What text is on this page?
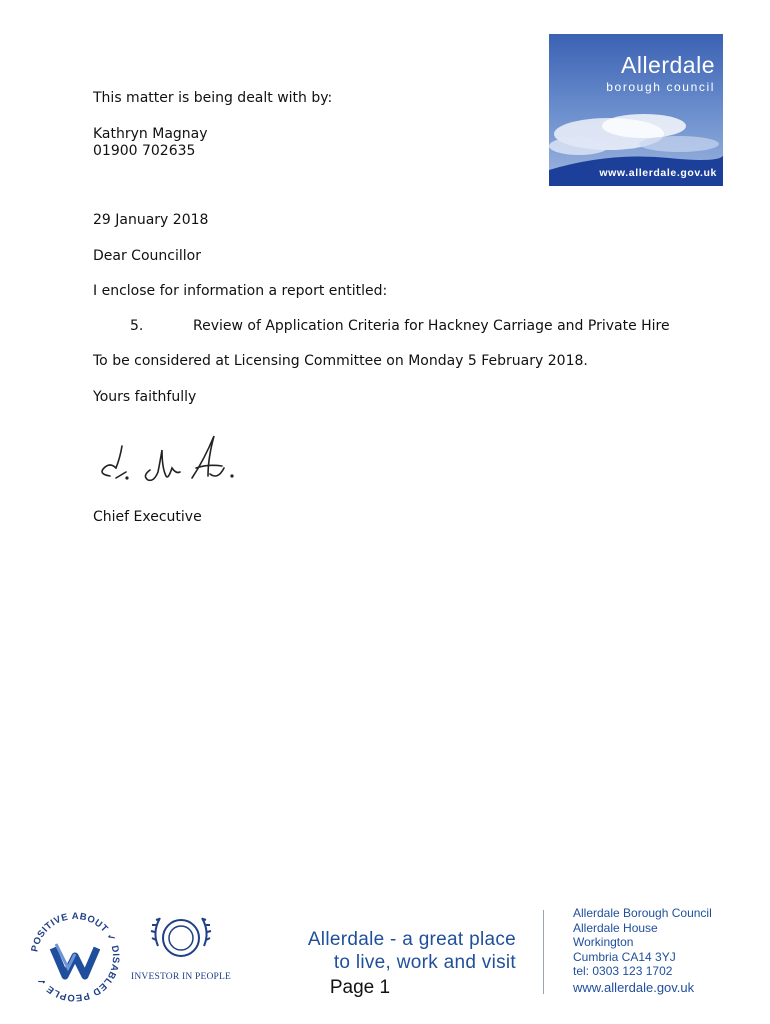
This matter is being dealt with by:
Kathryn Magnay
01900 702635
Allerdale
borough council
www.allerdale.gov.uk
29 January 2018
Dear Councillor
I enclose for information a report entitled:
5.	Review of Application Criteria for Hackney Carriage and Private Hire
To be considered at Licensing Committee on Monday 5 February 2018.
Yours faithfully
Chief Executive
POSITIVE ABOUT ✓ DISABLED PEOPLE ✓	INVESTOR IN PEOPLE
Allerdale - a great place
to live, work and visit
Page 1
Allerdale Borough Council
Allerdale House
Workington
Cumbria CA14 3YJ
tel: 0303 123 1702
www.allerdale.gov.uk
